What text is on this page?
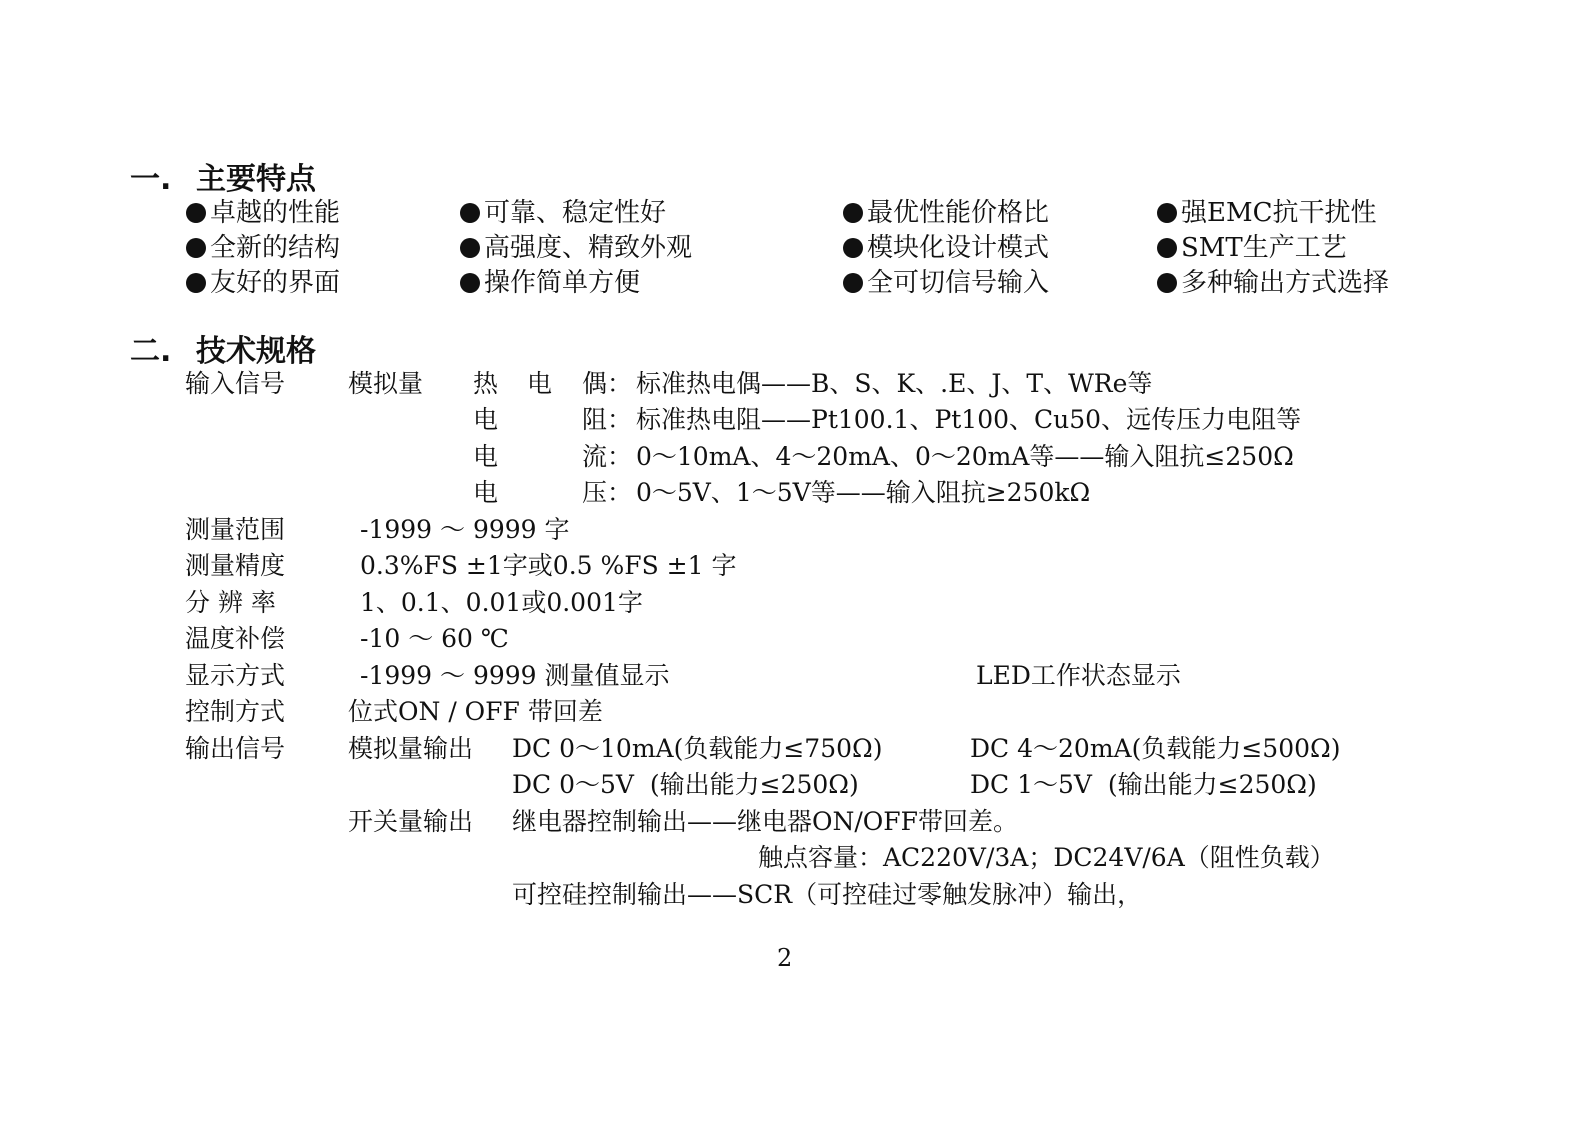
一. 主要特点
卓越的性能	可靠、稳定性好	最优性能价格比	强EMC抗干扰性
全新的结构	高强度、精致外观	模块化设计模式	SMT生产工艺
友好的界面	操作简单方便	全可切信号输入	多种输出方式选择
二. 技术规格
输入信号	模拟量 热 电 偶： 标准热电偶——B、S、K、.E、J、T、WRe等
电	阻： 标准热电阻——Pt100.1、Pt100、Cu50、远传压力电阻等
电	流： 0～10mA、4～20mA、0～20mA等——输入阻抗≤250Ω
电	压： 0～5V、1～5V等——输入阻抗≥250kΩ
测量范围	-1999 ～ 9999 字
测量精度	0.3%FS ±1字或0.5 %FS ±1 字
分 辨 率	1、0.1、0.01或0.001字
温度补偿	-10 ～ 60 ℃
显示方式	-1999 ～ 9999 测量值显示	LED工作状态显示
控制方式	位式ON / OFF 带回差
输出信号	模拟量输出 DC 0～10mA(负载能力≤750Ω)	DC 4～20mA(负载能力≤500Ω)
DC 0～5V  (输出能力≤250Ω)	DC 1～5V  (输出能力≤250Ω)
开关量输出 继电器控制输出——继电器ON/OFF带回差。
触点容量：AC220V/3A；DC24V/6A（阻性负载）
可控硅控制输出——SCR（可控硅过零触发脉冲）输出，
2
